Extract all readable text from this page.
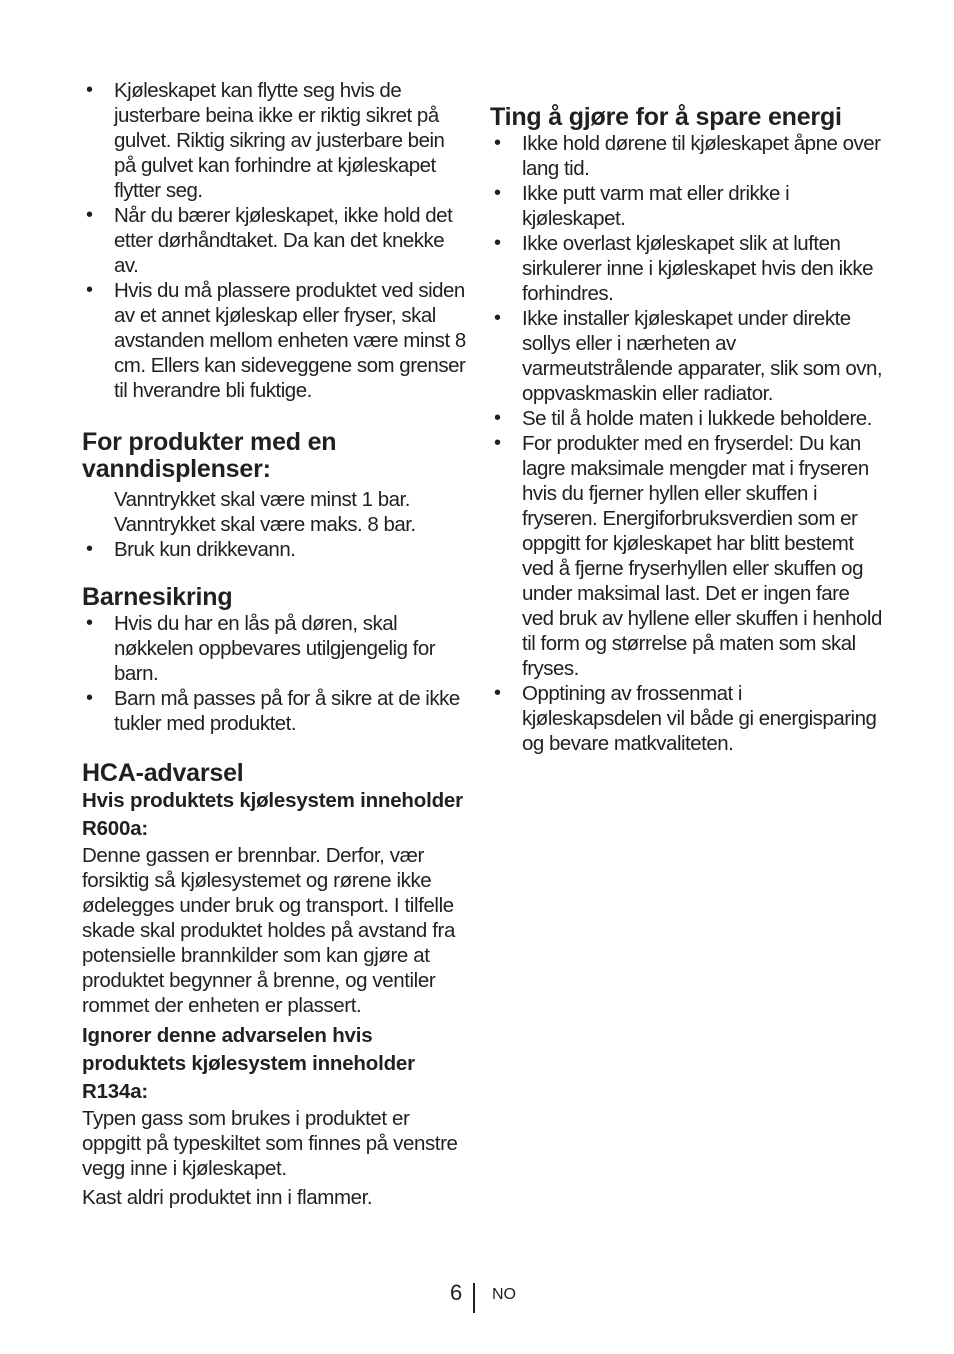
• Kjøleskapet kan flytte seg hvis de justerbare beina ikke er riktig sikret på gulvet. Riktig sikring av justerbare bein på gulvet kan forhindre at kjøleskapet flytter seg.
• Når du bærer kjøleskapet, ikke hold det etter dørhåndtaket. Da kan det knekke av.
• Hvis du må plassere produktet ved siden av et annet kjøleskap eller fryser, skal avstanden mellom enheten være minst 8 cm. Ellers kan sideveggene som grenser til hverandre bli fuktige.
For produkter med en vanndisplenser:
Vanntrykket skal være minst 1 bar.
Vanntrykket skal være maks. 8 bar.
• Bruk kun drikkevann.
Barnesikring
• Hvis du har en lås på døren, skal nøkkelen oppbevares utilgjengelig for barn.
• Barn må passes på for å sikre at de ikke tukler med produktet.
HCA-advarsel

Hvis produktets kjølesystem inneholder R600a:

Denne gassen er brennbar. Derfor, vær forsiktig så kjølesystemet og rørene ikke ødelegges under bruk og transport. I tilfelle skade skal produktet holdes på avstand fra potensielle brannkilder som kan gjøre at produktet begynner å brenne, og ventiler rommet der enheten er plassert.

Ignorer denne advarselen hvis produktets kjølesystem inneholder R134a:

Typen gass som brukes i produktet er oppgitt på typeskiltet som finnes på venstre vegg inne i kjøleskapet.

Kast aldri produktet inn i flammer.

Ting å gjøre for å spare energi
• Ikke hold dørene til kjøleskapet åpne over lang tid.
• Ikke putt varm mat eller drikke i kjøleskapet.
• Ikke overlast kjøleskapet slik at luften sirkulerer inne i kjøleskapet hvis den ikke forhindres.
• Ikke installer kjøleskapet under direkte sollys eller i nærheten av varmeutstrålende apparater, slik som ovn, oppvaskmaskin eller radiator.
• Se til å holde maten i lukkede beholdere.
• For produkter med en fryserdel: Du kan lagre maksimale mengder mat i fryseren hvis du fjerner hyllen eller skuffen i fryseren. Energiforbruksverdien som er oppgitt for kjøleskapet har blitt bestemt ved å fjerne fryserhyllen eller skuffen og under maksimal last. Det er ingen fare ved bruk av hyllene eller skuffen i henhold til form og størrelse på maten som skal fryses.
• Opptining av frossenmat i kjøleskapsdelen vil både gi energisparing og bevare matkvaliteten.
6 NO
